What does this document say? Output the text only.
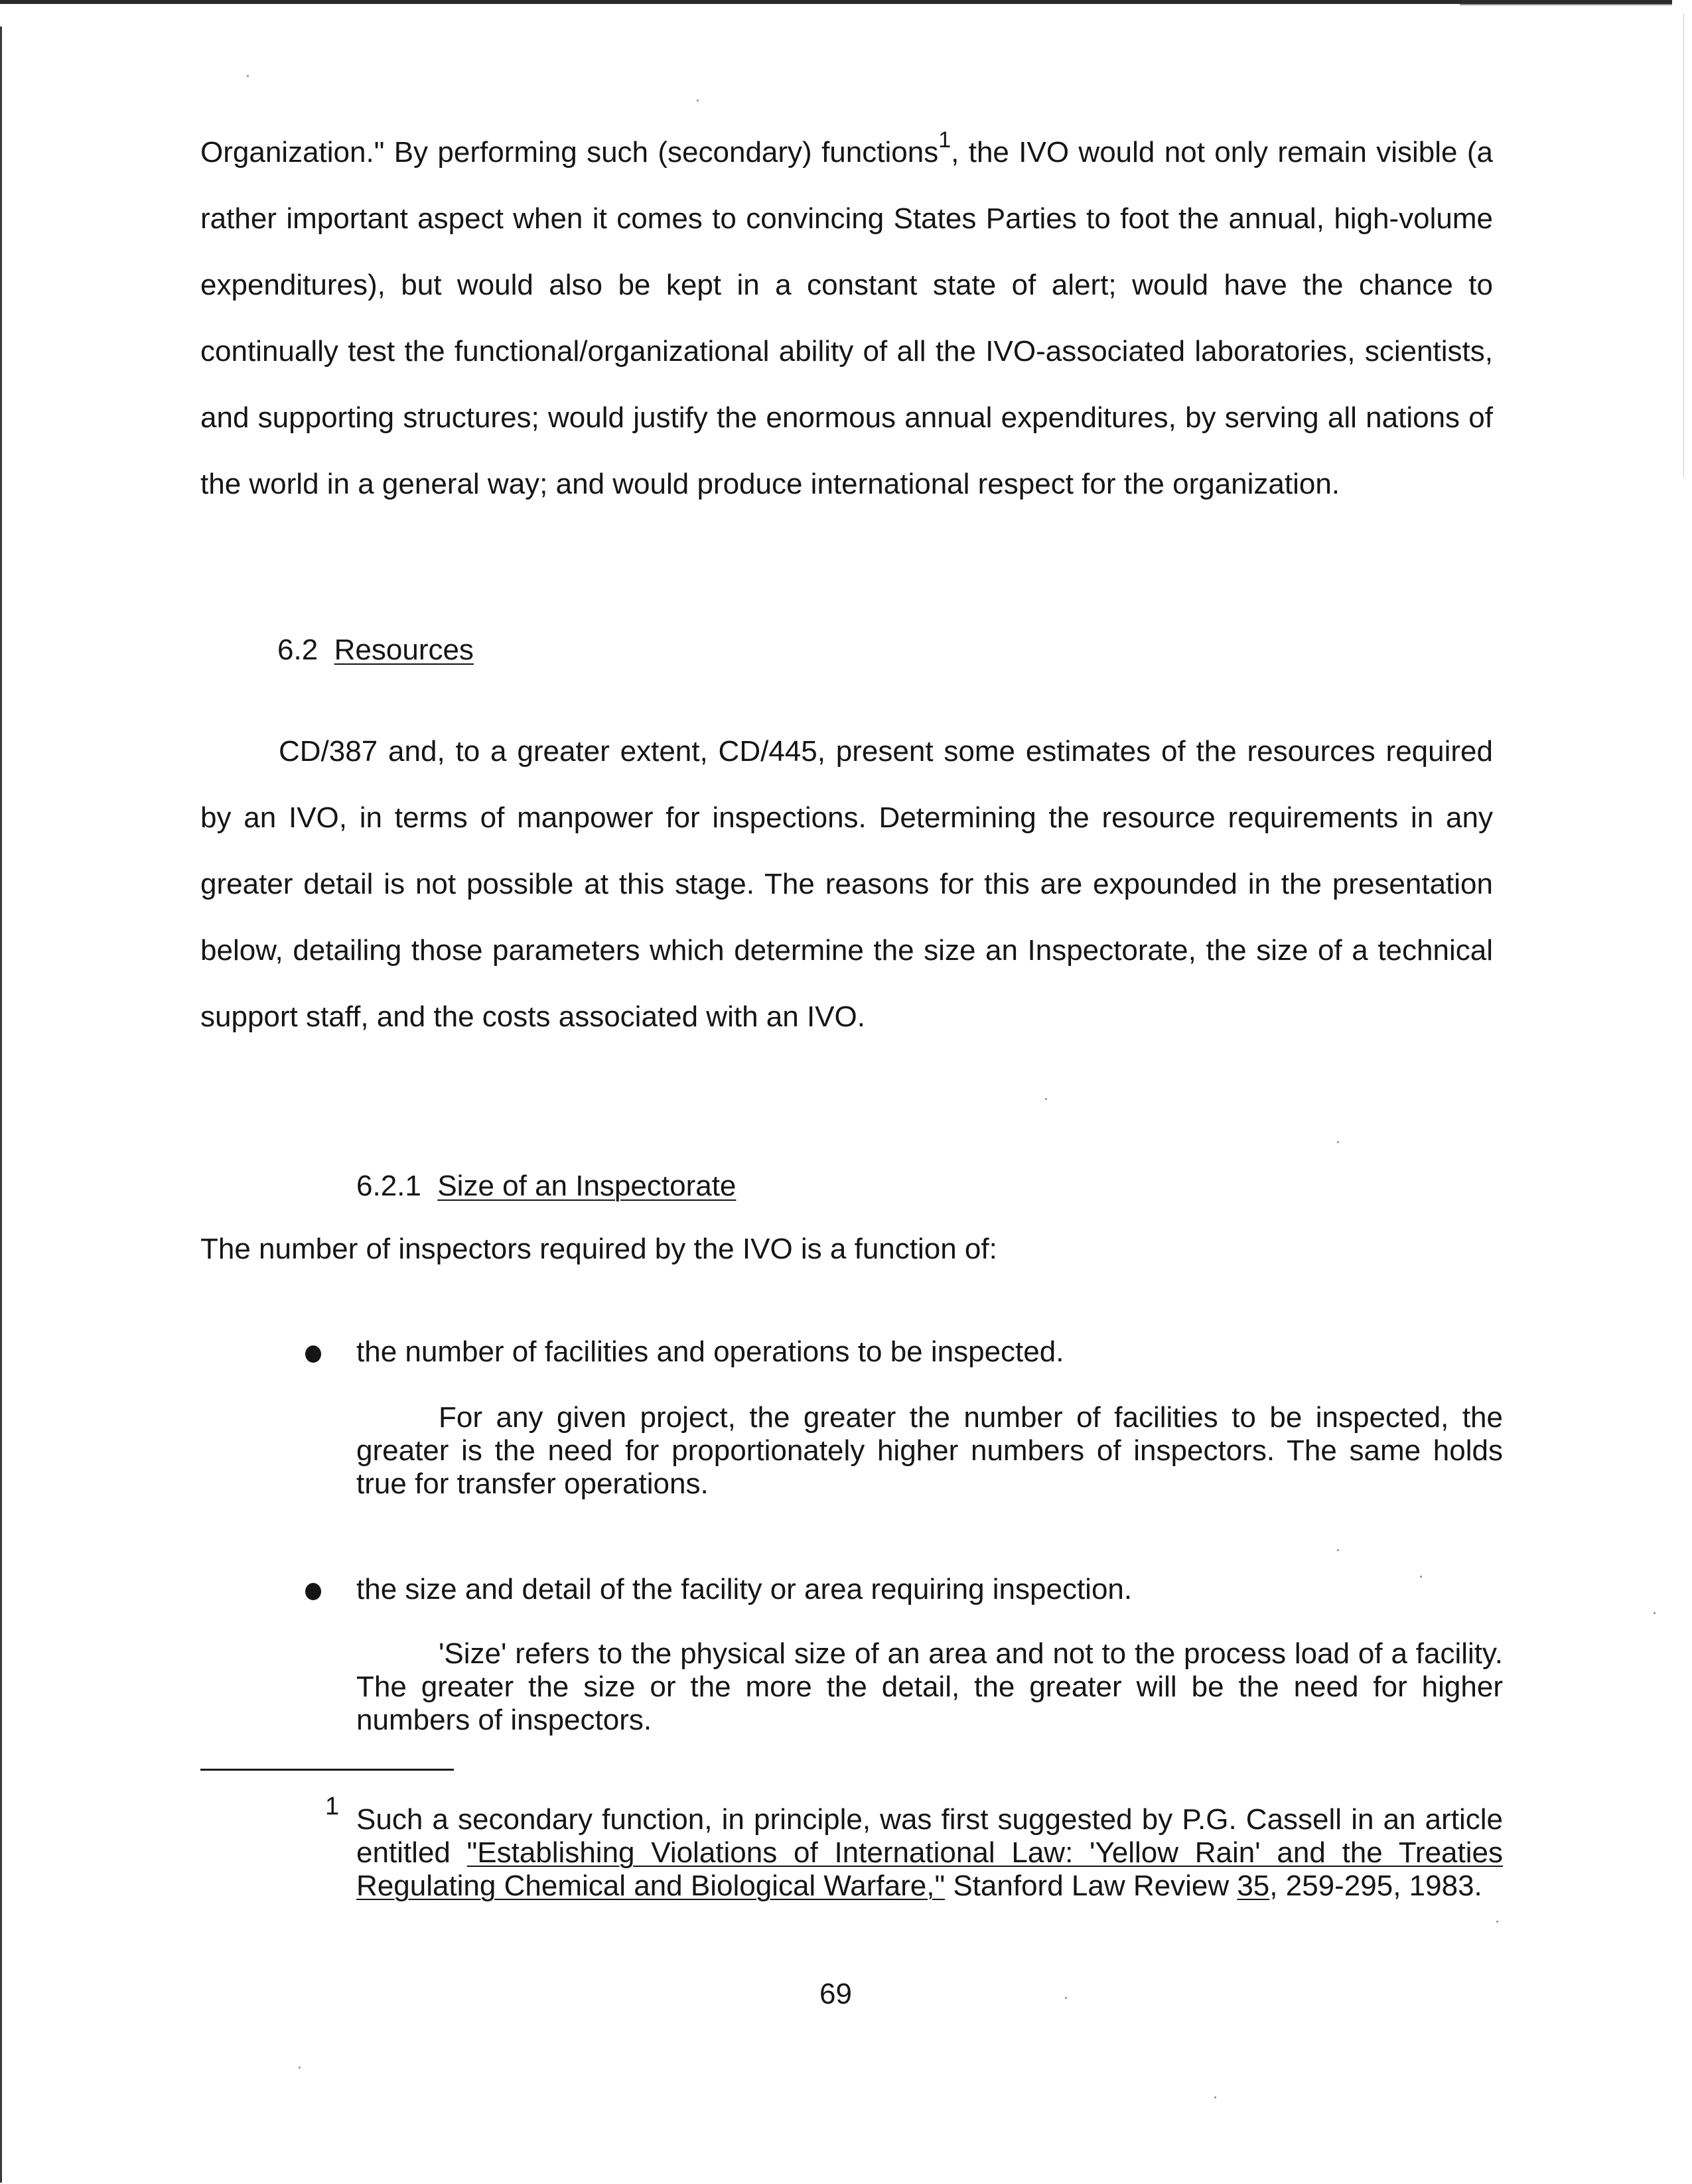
Organization." By performing such (secondary) functions$^1$, the IVO would not only remain visible (a rather important aspect when it comes to convincing States Parties to foot the annual, high-volume expenditures), but would also be kept in a constant state of alert; would have the chance to continually test the functional/organizational ability of all the IVO-associated laboratories, scientists, and supporting structures; would justify the enormous annual expenditures, by serving all nations of the world in a general way; and would produce international respect for the organization.

6.2 Resources

CD/387 and, to a greater extent, CD/445, present some estimates of the resources required by an IVO, in terms of manpower for inspections. Determining the resource requirements in any greater detail is not possible at this stage. The reasons for this are expounded in the presentation below, detailing those parameters which determine the size an Inspectorate, the size of a technical support staff, and the costs associated with an IVO.

6.2.1 Size of an Inspectorate

The number of inspectors required by the IVO is a function of:

the number of facilities and operations to be inspected.

For any given project, the greater the number of facilities to be inspected, the greater is the need for proportionately higher numbers of inspectors. The same holds true for transfer operations.

the size and detail of the facility or area requiring inspection.

'Size' refers to the physical size of an area and not to the process load of a facility. The greater the size or the more the detail, the greater will be the need for higher numbers of inspectors.

1 Such a secondary function, in principle, was first suggested by P.G. Cassell in an article entitled "Establishing Violations of International Law: 'Yellow Rain' and the Treaties Regulating Chemical and Biological Warfare," Stanford Law Review 35, 259-295, 1983.

69
